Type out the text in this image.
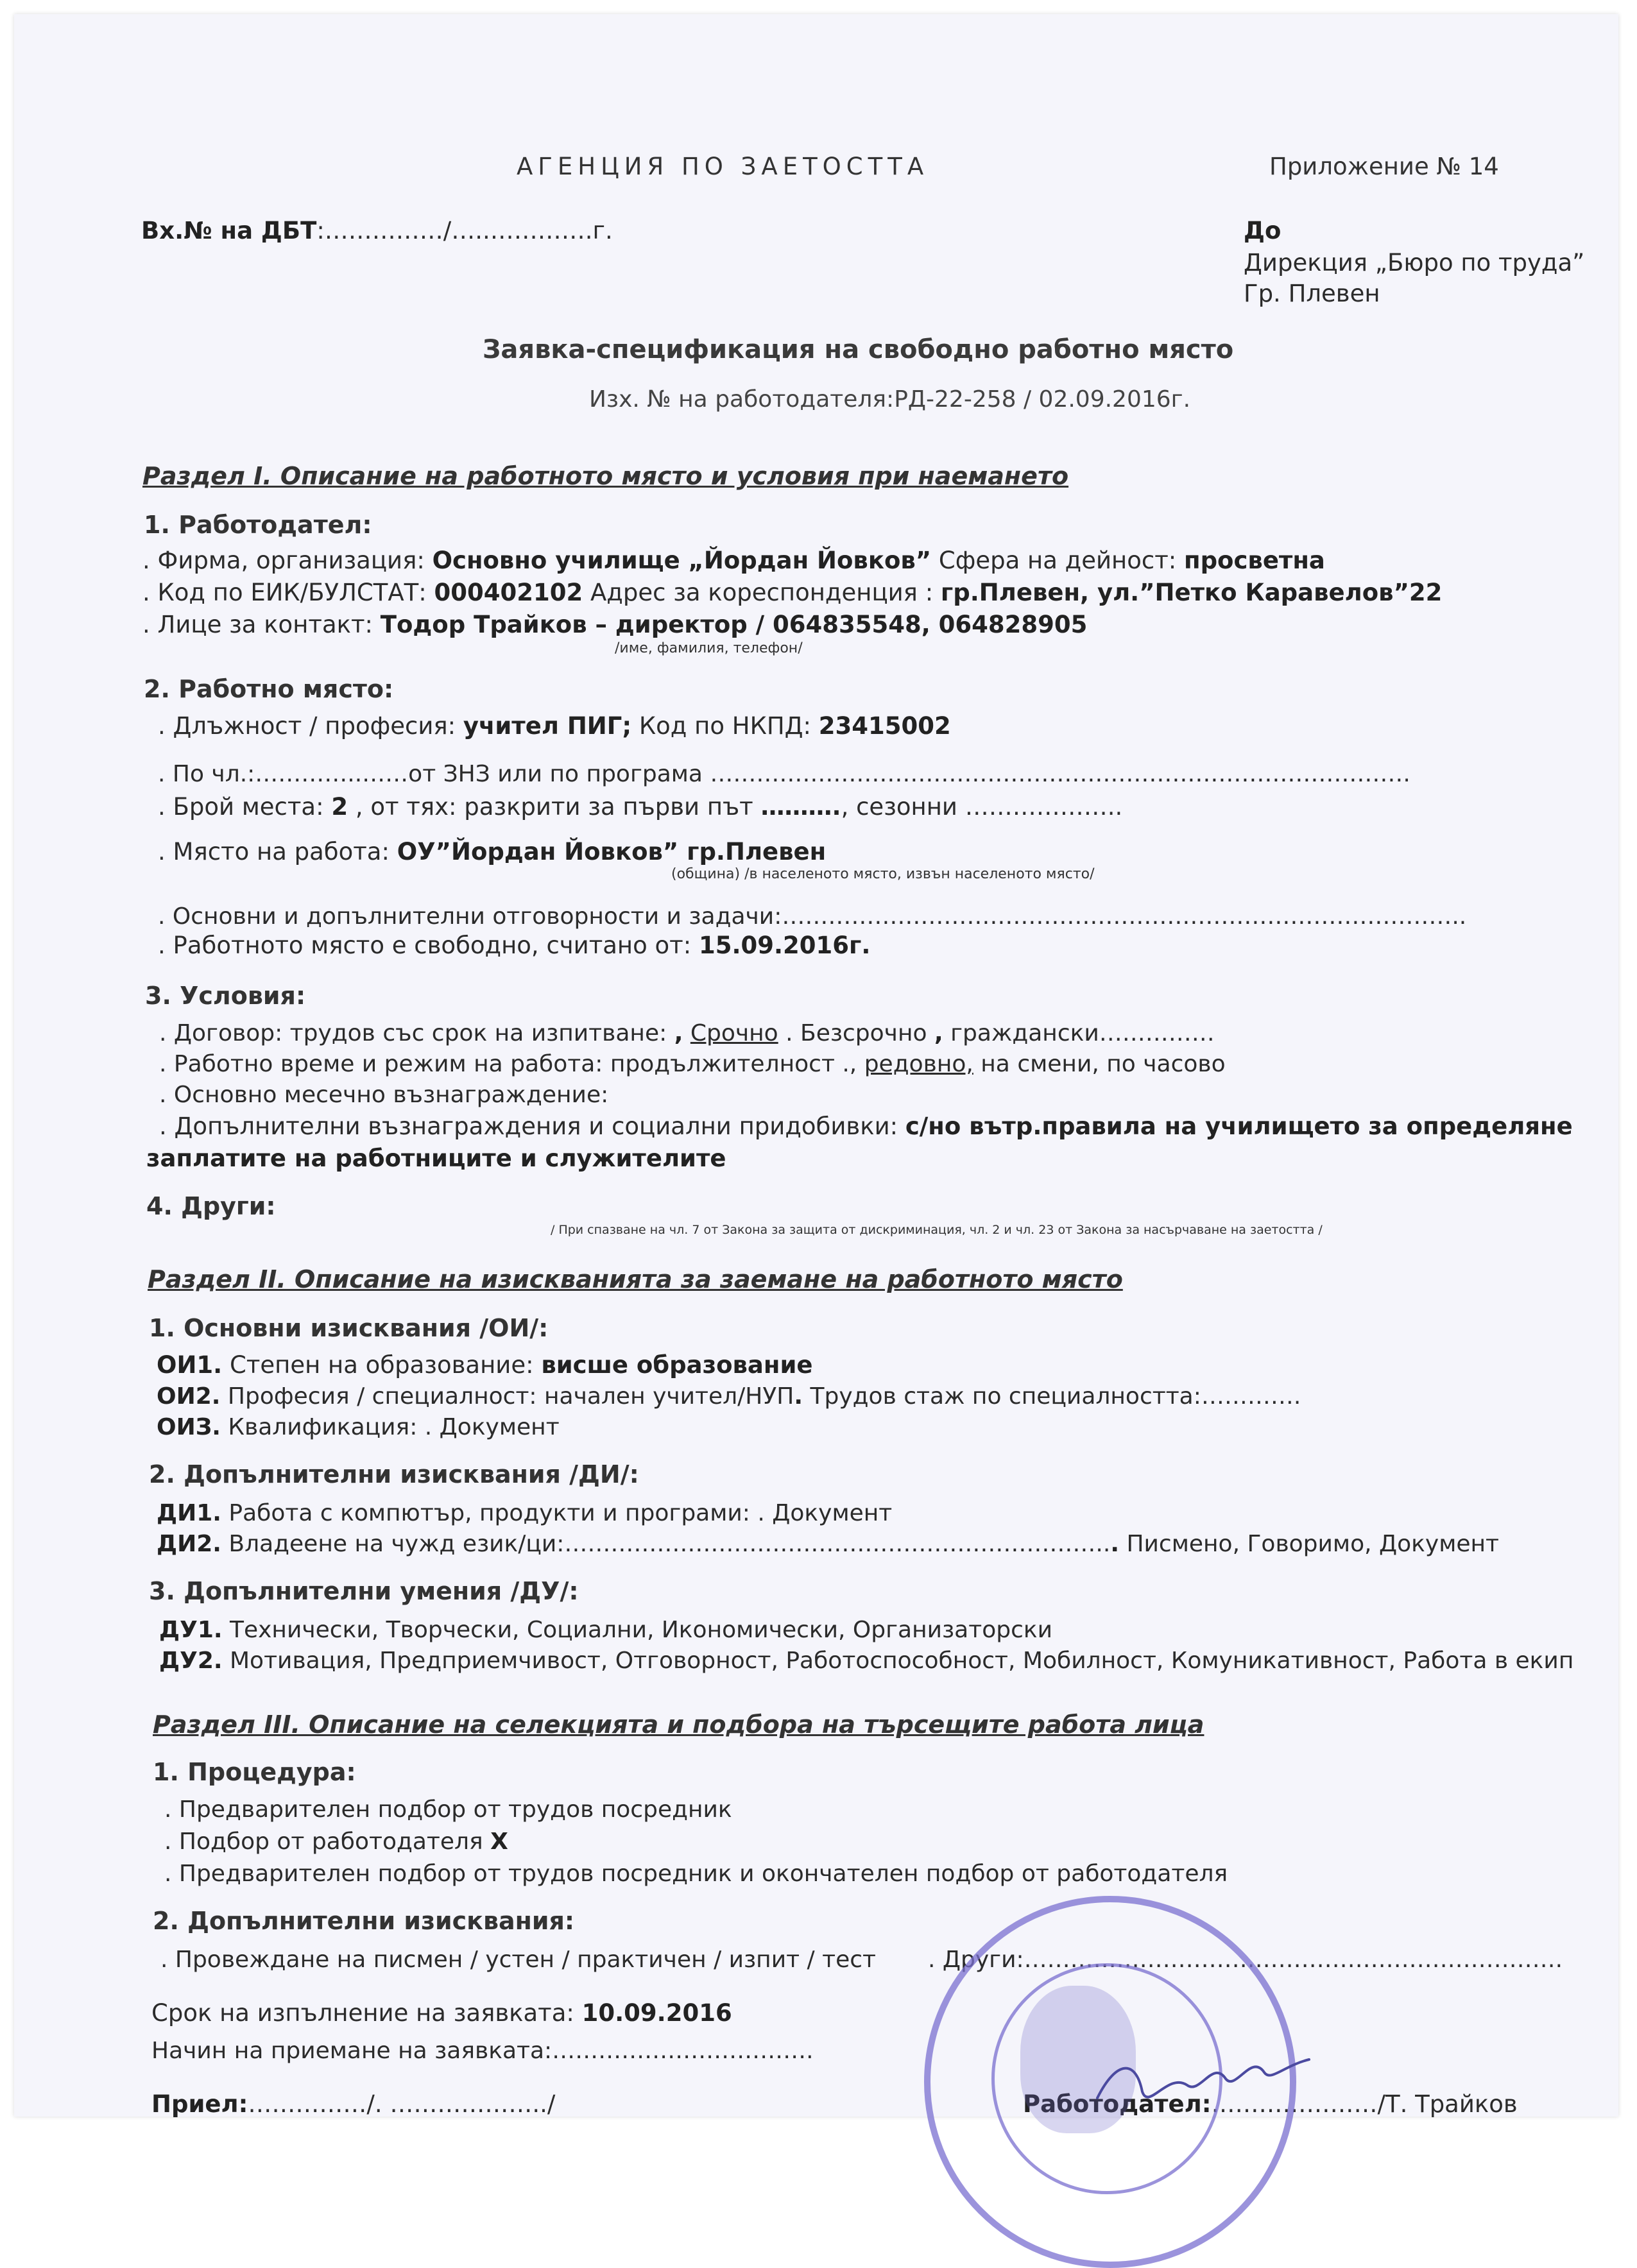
АГЕНЦИЯ ПО ЗАЕТОСТТА	Приложение № 14
Вх.№ на ДБТ:……………/…..………….г.	До
Дирекция „Бюро по труда”
Гр. Плевен
Заявка-спецификация на свободно работно място
Изх. № на работодателя:РД-22-258 / 02.09.2016г.
Раздел I. Описание на работното място и условия при наемането
1. Работодател:
. Фирма, организация: Основно училище „Йордан Йовков” Сфера на дейност: просветна
. Код по ЕИК/БУЛСТАТ: 000402102 Адрес за кореспонденция : гр.Плевен, ул.”Петко Каравелов”22
. Лице за контакт: Тодор Трайков – директор / 064835548, 064828905
/име, фамилия, телефон/
2. Работно място:
. Длъжност / професия: учител ПИГ; Код по НКПД: 23415002
. По чл.:…………..……от ЗНЗ или по програма ……………………………………………………………………………….
. Брой места: 2 , от тях: разкрити за първи път ………., сезонни ………………..
. Място на работа: ОУ”Йордан Йовков” гр.Плевен
(община) /в населеното място, извън населеното място/
. Основни и допълнителни отговорности и задачи:……………………………………………………………………………..
. Работното място е свободно, считано от: 15.09.2016г.
3. Условия:
. Договор: трудов със срок на изпитване: , Срочно . Безсрочно , граждански……………
. Работно време и режим на работа: продължителност ., редовно, на смени, по часово
. Основно месечно възнаграждение:
. Допълнителни възнаграждения и социални придобивки: с/но вътр.правила на училището за определяне
заплатите на работниците и служителите
4. Други:
/ При спазване на чл. 7 от Закона за защита от дискриминация, чл. 2 и чл. 23 от Закона за насърчаване на заетостта /
Раздел II. Описание на изискванията за заемане на работното място
1. Основни изисквания /ОИ/:
ОИ1. Степен на образование: висше образование
ОИ2. Професия / специалност: начален учител/НУП. Трудов стаж по специалността:………….
ОИЗ. Квалификация: . Документ
2. Допълнителни изисквания /ДИ/:
ДИ1. Работа с компютър, продукти и програми: . Документ
ДИ2. Владеене на чужд език/ци:……………………………………………………………... Писмено, Говоримо, Документ
3. Допълнителни умения /ДУ/:
ДУ1. Технически, Творчески, Социални, Икономически, Организаторски
ДУ2. Мотивация, Предприемчивост, Отговорност, Работоспособност, Мобилност, Комуникативност, Работа в екип
Раздел III. Описание на селекцията и подбора на търсещите работа лица
1. Процедура:
. Предварителен подбор от трудов посредник
. Подбор от работодателя X
. Предварителен подбор от трудов посредник и окончателен подбор от работодателя
2. Допълнителни изисквания:
. Провеждане на писмен / устен / практичен / изпит / тест . Други:…………………………………………………………….
Срок на изпълнение на заявката: 10.09.2016
Начин на приемане на заявката:…………………………….
Приел:……………/. ………………../	Работодател:…………………/Т. Трайков
